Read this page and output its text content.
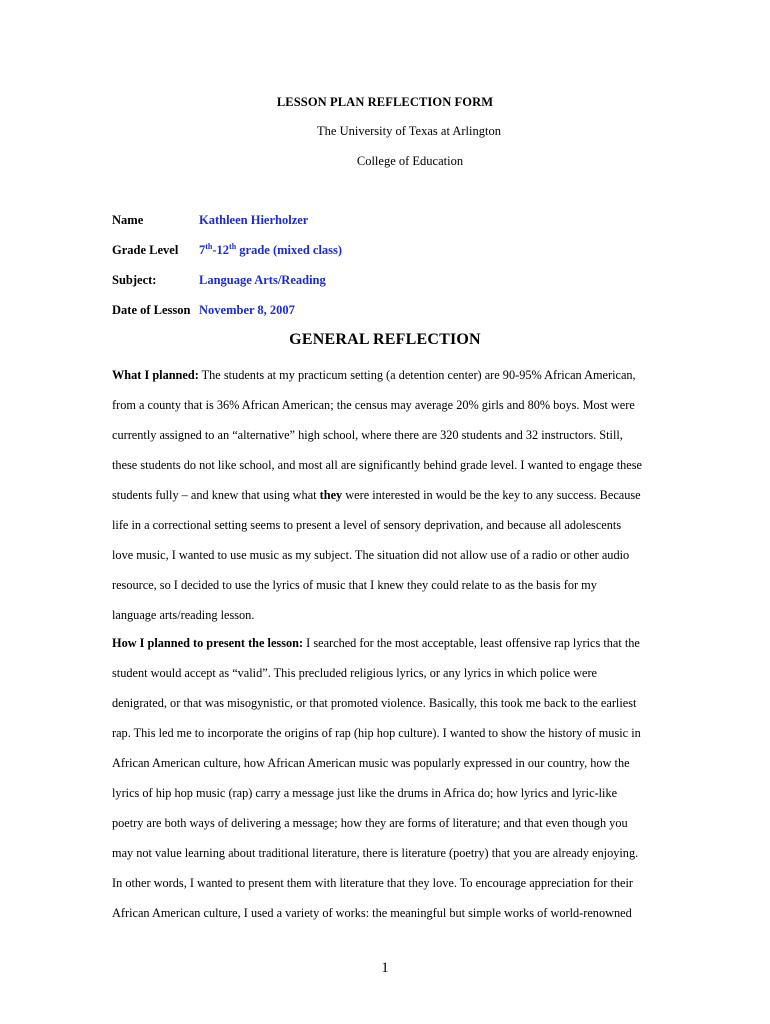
LESSON PLAN REFLECTION FORM
The University of Texas at Arlington
College of Education
Name	Kathleen Hierholzer
Grade Level 7th-12th grade (mixed class)
Subject:	Language Arts/Reading
Date of Lesson November 8, 2007
GENERAL REFLECTION
What I planned: The students at my practicum setting (a detention center) are 90-95% African American,
from a county that is 36% African American; the census may average 20% girls and 80% boys. Most were
currently assigned to an “alternative” high school, where there are 320 students and 32 instructors. Still,
these students do not like school, and most all are significantly behind grade level. I wanted to engage these
students fully – and knew that using what they were interested in would be the key to any success. Because
life in a correctional setting seems to present a level of sensory deprivation, and because all adolescents
love music, I wanted to use music as my subject. The situation did not allow use of a radio or other audio
resource, so I decided to use the lyrics of music that I knew they could relate to as the basis for my
language arts/reading lesson.
How I planned to present the lesson: I searched for the most acceptable, least offensive rap lyrics that the
student would accept as “valid”. This precluded religious lyrics, or any lyrics in which police were
denigrated, or that was misogynistic, or that promoted violence. Basically, this took me back to the earliest
rap. This led me to incorporate the origins of rap (hip hop culture). I wanted to show the history of music in
African American culture, how African American music was popularly expressed in our country, how the
lyrics of hip hop music (rap) carry a message just like the drums in Africa do; how lyrics and lyric-like
poetry are both ways of delivering a message; how they are forms of literature; and that even though you
may not value learning about traditional literature, there is literature (poetry) that you are already enjoying.
In other words, I wanted to present them with literature that they love. To encourage appreciation for their
African American culture, I used a variety of works: the meaningful but simple works of world-renowned
1
